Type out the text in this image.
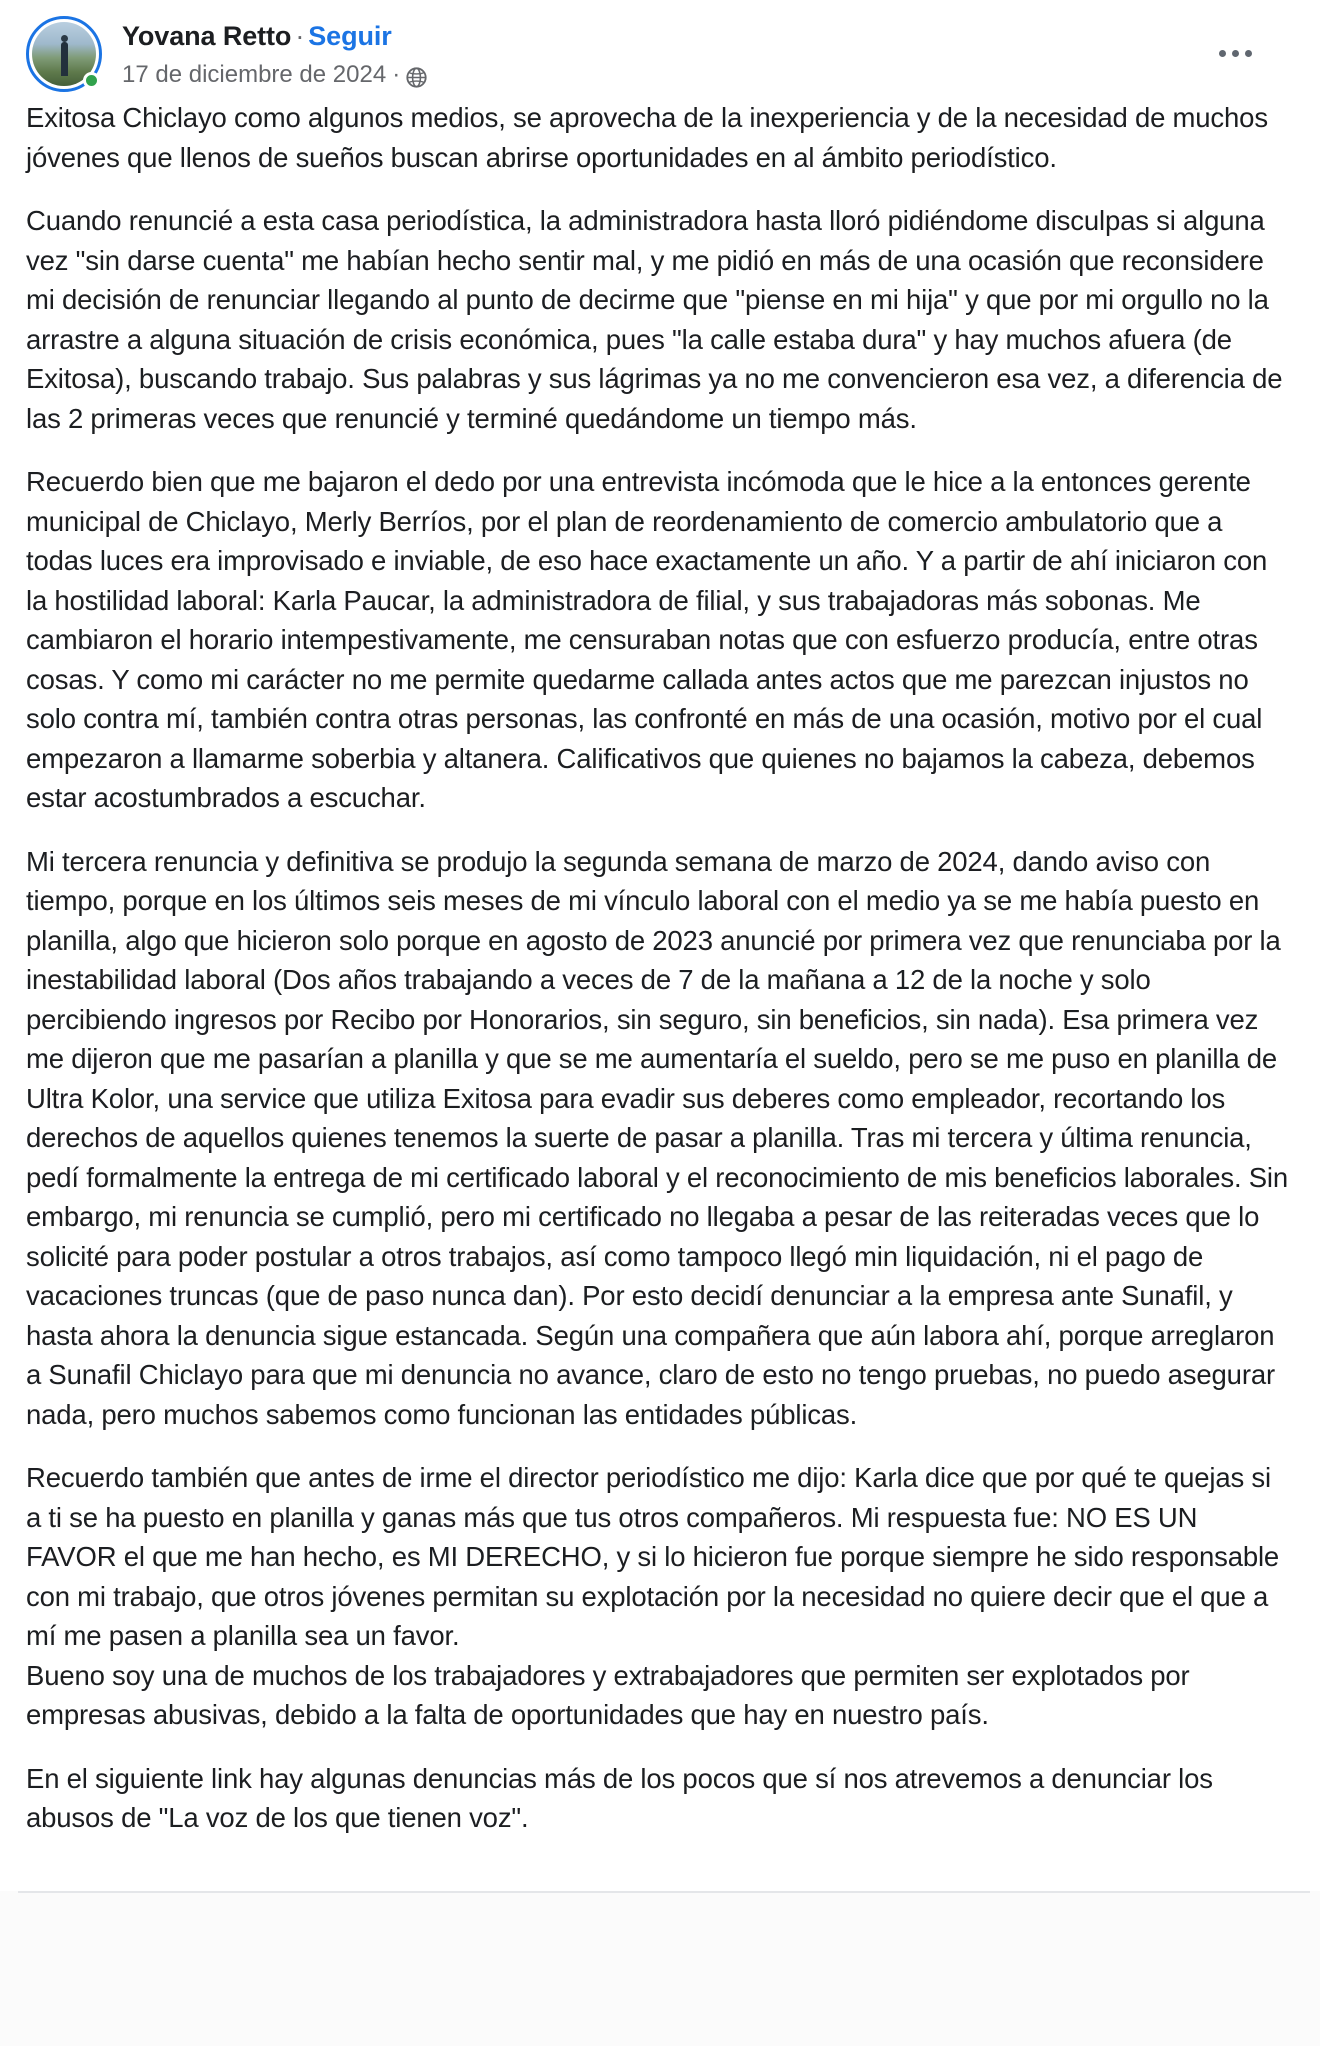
Yovana Retto · Seguir
17 de diciembre de 2024 ·

Exitosa Chiclayo como algunos medios, se aprovecha de la inexperiencia y de la necesidad de muchos jóvenes que llenos de sueños buscan abrirse oportunidades en al ámbito periodístico.

Cuando renuncié a esta casa periodística, la administradora hasta lloró pidiéndome disculpas si alguna vez "sin darse cuenta" me habían hecho sentir mal, y me pidió en más de una ocasión que reconsidere mi decisión de renunciar llegando al punto de decirme que "piense en mi hija" y que por mi orgullo no la arrastre a alguna situación de crisis económica, pues "la calle estaba dura" y hay muchos afuera (de Exitosa), buscando trabajo. Sus palabras y sus lágrimas ya no me convencieron esa vez, a diferencia de las 2 primeras veces que renuncié y terminé quedándome un tiempo más.

Recuerdo bien que me bajaron el dedo por una entrevista incómoda que le hice a la entonces gerente municipal de Chiclayo, Merly Berríos, por el plan de reordenamiento de comercio ambulatorio que a todas luces era improvisado e inviable, de eso hace exactamente un año. Y a partir de ahí iniciaron con la hostilidad laboral: Karla Paucar, la administradora de filial, y sus trabajadoras más sobonas. Me cambiaron el horario intempestivamente, me censuraban notas que con esfuerzo producía, entre otras cosas. Y como mi carácter no me permite quedarme callada antes actos que me parezcan injustos no solo contra mí, también contra otras personas, las confronté en más de una ocasión, motivo por el cual empezaron a llamarme soberbia y altanera. Calificativos que quienes no bajamos la cabeza, debemos estar acostumbrados a escuchar.

Mi tercera renuncia y definitiva se produjo la segunda semana de marzo de 2024, dando aviso con tiempo, porque en los últimos seis meses de mi vínculo laboral con el medio ya se me había puesto en planilla, algo que hicieron solo porque en agosto de 2023 anuncié por primera vez que renunciaba por la inestabilidad laboral (Dos años trabajando a veces de 7 de la mañana a 12 de la noche y solo percibiendo ingresos por Recibo por Honorarios, sin seguro, sin beneficios, sin nada). Esa primera vez me dijeron que me pasarían a planilla y que se me aumentaría el sueldo, pero se me puso en planilla de Ultra Kolor, una service que utiliza Exitosa para evadir sus deberes como empleador, recortando los derechos de aquellos quienes tenemos la suerte de pasar a planilla. Tras mi tercera y última renuncia, pedí formalmente la entrega de mi certificado laboral y el reconocimiento de mis beneficios laborales. Sin embargo, mi renuncia se cumplió, pero mi certificado no llegaba a pesar de las reiteradas veces que lo solicité para poder postular a otros trabajos, así como tampoco llegó min liquidación, ni el pago de vacaciones truncas (que de paso nunca dan). Por esto decidí denunciar a la empresa ante Sunafil, y hasta ahora la denuncia sigue estancada. Según una compañera que aún labora ahí, porque arreglaron a Sunafil Chiclayo para que mi denuncia no avance, claro de esto no tengo pruebas, no puedo asegurar nada, pero muchos sabemos como funcionan las entidades públicas.

Recuerdo también que antes de irme el director periodístico me dijo: Karla dice que por qué te quejas si a ti se ha puesto en planilla y ganas más que tus otros compañeros. Mi respuesta fue: NO ES UN FAVOR el que me han hecho, es MI DERECHO, y si lo hicieron fue porque siempre he sido responsable con mi trabajo, que otros jóvenes permitan su explotación por la necesidad no quiere decir que el que a mí me pasen a planilla sea un favor.

Bueno soy una de muchos de los trabajadores y extrabajadores que permiten ser explotados por empresas abusivas, debido a la falta de oportunidades que hay en nuestro país.

En el siguiente link hay algunas denuncias más de los pocos que sí nos atrevemos a denunciar los abusos de "La voz de los que tienen voz".
